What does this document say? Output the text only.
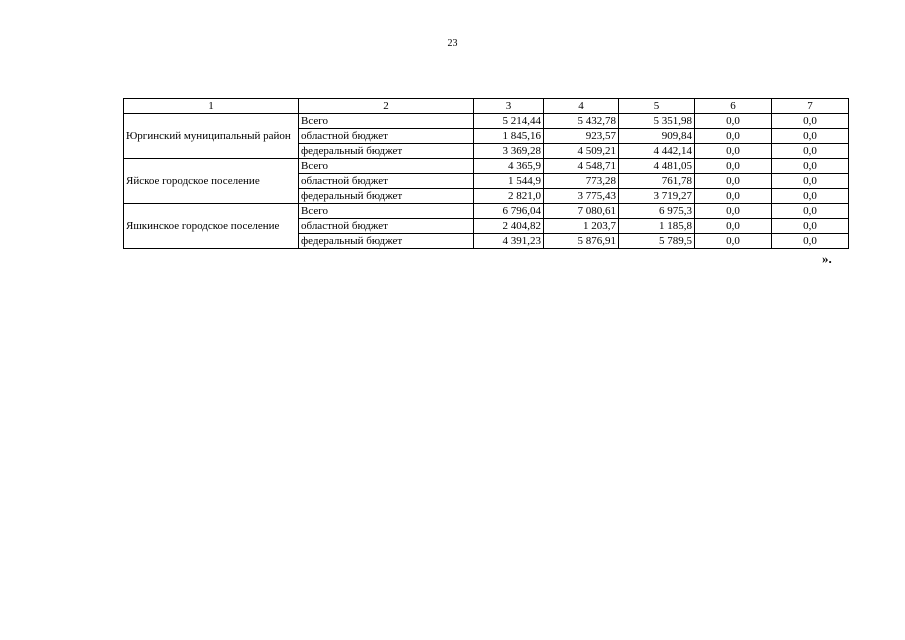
23
1	2	3	4	5	6	7
Юргинский муниципальный район	Всего	5 214,44	5 432,78	5 351,98	0,0	0,0
	областной бюджет	1 845,16	923,57	909,84	0,0	0,0
	федеральный бюджет	3 369,28	4 509,21	4 442,14	0,0	0,0
Яйское городское поселение	Всего	4 365,9	4 548,71	4 481,05	0,0	0,0
	областной бюджет	1 544,9	773,28	761,78	0,0	0,0
	федеральный бюджет	2 821,0	3 775,43	3 719,27	0,0	0,0
Яшкинское городское поселение	Всего	6 796,04	7 080,61	6 975,3	0,0	0,0
	областной бюджет	2 404,82	1 203,7	1 185,8	0,0	0,0
	федеральный бюджет	4 391,23	5 876,91	5 789,5	0,0	0,0
».
